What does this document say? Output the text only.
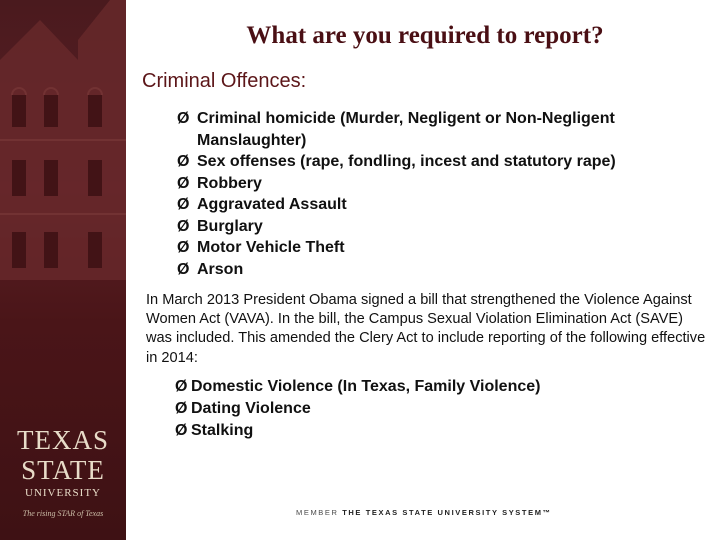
TEXAS
STATE
UNIVERSITY
The rising STAR of Texas
What are you required to report?
Criminal Offences:
Ø Criminal homicide (Murder, Negligent or Non-Negligent Manslaughter)
Ø Sex offenses (rape, fondling, incest and statutory rape)
Ø Robbery
Ø Aggravated Assault
Ø Burglary
Ø Motor Vehicle Theft
Ø Arson
In March 2013 President Obama signed a bill that strengthened the Violence Against Women Act (VAVA). In the bill, the Campus Sexual Violation Elimination Act (SAVE) was included. This amended the Clery Act to include reporting of the following effective in 2014:
Ø Domestic Violence (In Texas, Family Violence)
Ø Dating Violence
Ø Stalking
MEMBER THE TEXAS STATE UNIVERSITY SYSTEM™
